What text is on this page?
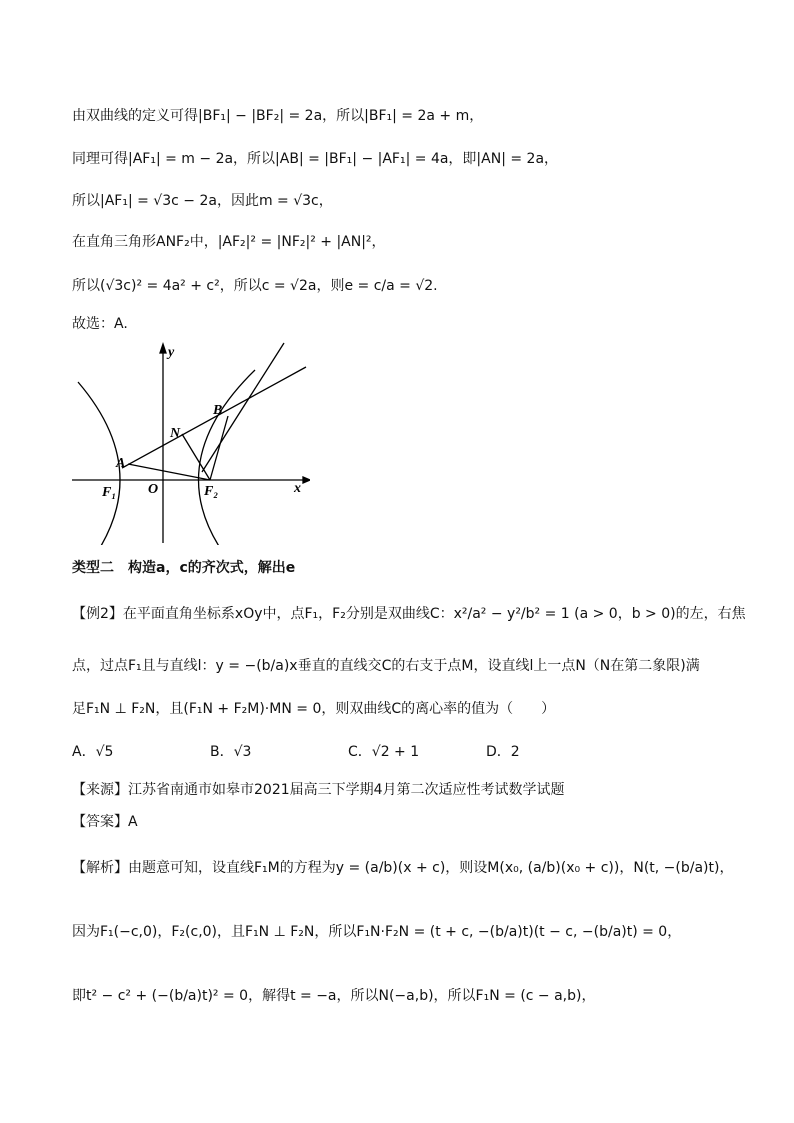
由双曲线的定义可得|BF₁| − |BF₂| = 2a，所以|BF₁| = 2a + m，
同理可得|AF₁| = m − 2a，所以|AB| = |BF₁| − |AF₁| = 4a，即|AN| = 2a，
所以|AF₁| = √3c − 2a，因此m = √3c，
在直角三角形ANF₂中，|AF₂|² = |NF₂|² + |AN|²，
所以(√3c)² = 4a² + c²，所以c = √2a，则e = c/a = √2.
故选：A.
y
x
B
N
A
O
F₁	F₂
类型二　构造a，c的齐次式，解出e
【例2】在平面直角坐标系xOy中，点F₁，F₂分别是双曲线C：x²/a² − y²/b² = 1 (a > 0，b > 0)的左，右焦
点，过点F₁且与直线l：y = −(b/a)x垂直的直线交C的右支于点M，设直线l上一点N（N在第二象限)满
足F₁N ⊥ F₂N，且(F₁N + F₂M)·MN = 0，则双曲线C的离心率的值为（　　）
A．√5	B．√3	C．√2 + 1	D．2
【来源】江苏省南通市如皋市2021届高三下学期4月第二次适应性考试数学试题
【答案】A
【解析】由题意可知，设直线F₁M的方程为y = (a/b)(x + c)，则设M(x₀, (a/b)(x₀ + c))，N(t, −(b/a)t)，
因为F₁(−c,0)，F₂(c,0)，且F₁N ⊥ F₂N，所以F₁N·F₂N = (t + c, −(b/a)t)(t − c, −(b/a)t) = 0，
即t² − c² + (−(b/a)t)² = 0，解得t = −a，所以N(−a,b)，所以F₁N = (c − a,b)，
